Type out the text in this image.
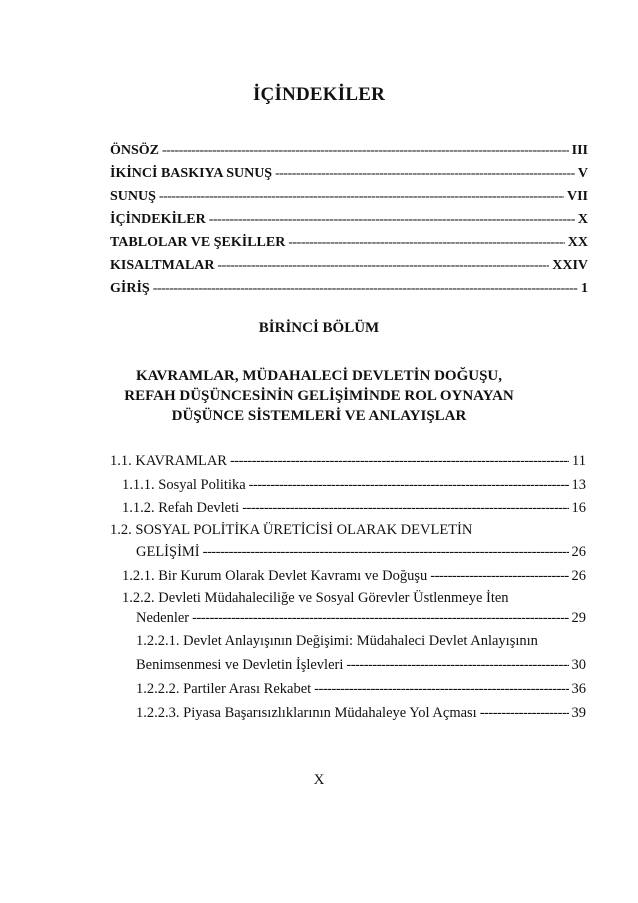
İÇİNDEKİLER
ÖNSÖZ -----	III
İKİNCİ BASKIYA SUNUŞ -----	V
SUNUŞ -----	VII
İÇİNDEKİLER -----	X
TABLOLAR VE ŞEKİLLER -----	XX
KISALTMALAR -----	XXIV
GİRİŞ -----	1
BİRİNCİ BÖLÜM
KAVRAMLAR, MÜDAHALECİ DEVLETİN DOĞUŞU,
REFAH DÜŞÜNCESİNİN GELİŞİMİNDE ROL OYNAYAN
DÜŞÜNCE SİSTEMLERİ VE ANLAYIŞLAR
1.1. KAVRAMLAR -----	11
1.1.1. Sosyal Politika -----	13
1.1.2. Refah Devleti -----	16
1.2. SOSYAL POLİTİKA ÜRETİCİSİ OLARAK DEVLETİN
GELİŞİMİ -----	26
1.2.1. Bir Kurum Olarak Devlet Kavramı ve Doğuşu -----	26
1.2.2. Devleti Müdahaleciliğe ve Sosyal Görevler Üstlenmeye İten
Nedenler -----	29
1.2.2.1. Devlet Anlayışının Değişimi: Müdahaleci Devlet Anlayışının
Benimsenmesi ve Devletin İşlevleri -----	30
1.2.2.2. Partiler Arası Rekabet -----	36
1.2.2.3. Piyasa Başarısızlıklarının Müdahaleye Yol Açması -----	39
X
